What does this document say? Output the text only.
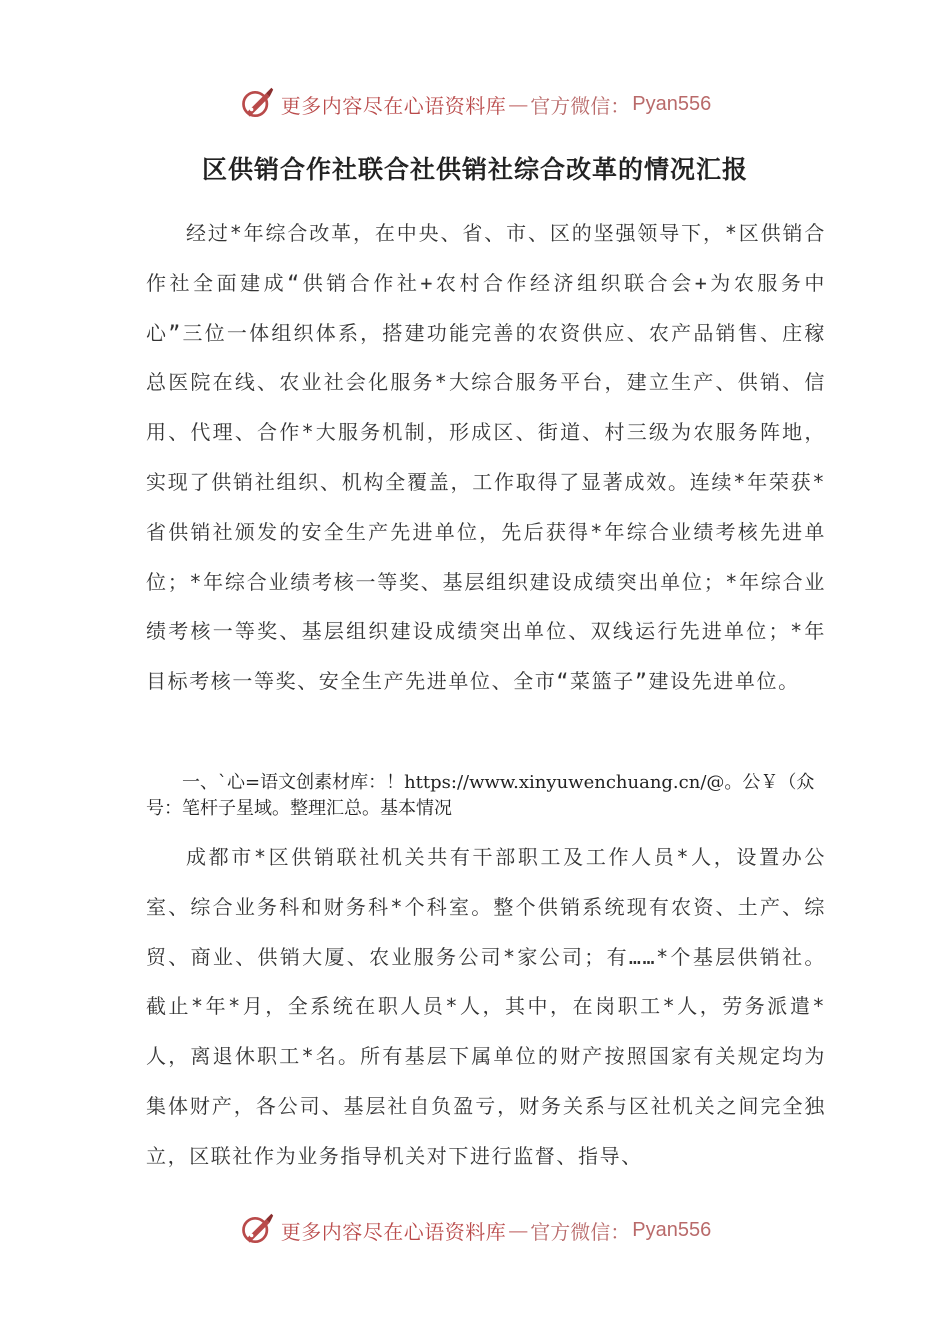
更多内容尽在心语资料库 — 官方微信： Pyan556
区供销合作社联合社供销社综合改革的情况汇报
经过*年综合改革，在中央、省、市、区的坚强领导下，*区供销合作社全面建成“供销合作社+农村合作经济组织联合会+为农服务中心”三位一体组织体系，搭建功能完善的农资供应、农产品销售、庄稼总医院在线、农业社会化服务*大综合服务平台，建立生产、供销、信用、代理、合作*大服务机制，形成区、街道、村三级为农服务阵地，实现了供销社组织、机构全覆盖，工作取得了显著成效。连续*年荣获*省供销社颁发的安全生产先进单位，先后获得*年综合业绩考核先进单位；*年综合业绩考核一等奖、基层组织建设成绩突出单位；*年综合业绩考核一等奖、基层组织建设成绩突出单位、双线运行先进单位；*年目标考核一等奖、安全生产先进单位、全市“菜篮子”建设先进单位。
一、`心=语文创素材库：！https://www.xinyuwenchuang.cn/@。公￥（众号：笔杆子星域。整理汇总。基本情况
成都市*区供销联社机关共有干部职工及工作人员*人，设置办公室、综合业务科和财务科*个科室。整个供销系统现有农资、土产、综贸、商业、供销大厦、农业服务公司*家公司；有……*个基层供销社。截止*年*月，全系统在职人员*人，其中，在岗职工*人，劳务派遣*人，离退休职工*名。所有基层下属单位的财产按照国家有关规定均为集体财产，各公司、基层社自负盈亏，财务关系与区社机关之间完全独立，区联社作为业务指导机关对下进行监督、指导、
更多内容尽在心语资料库 — 官方微信： Pyan556
